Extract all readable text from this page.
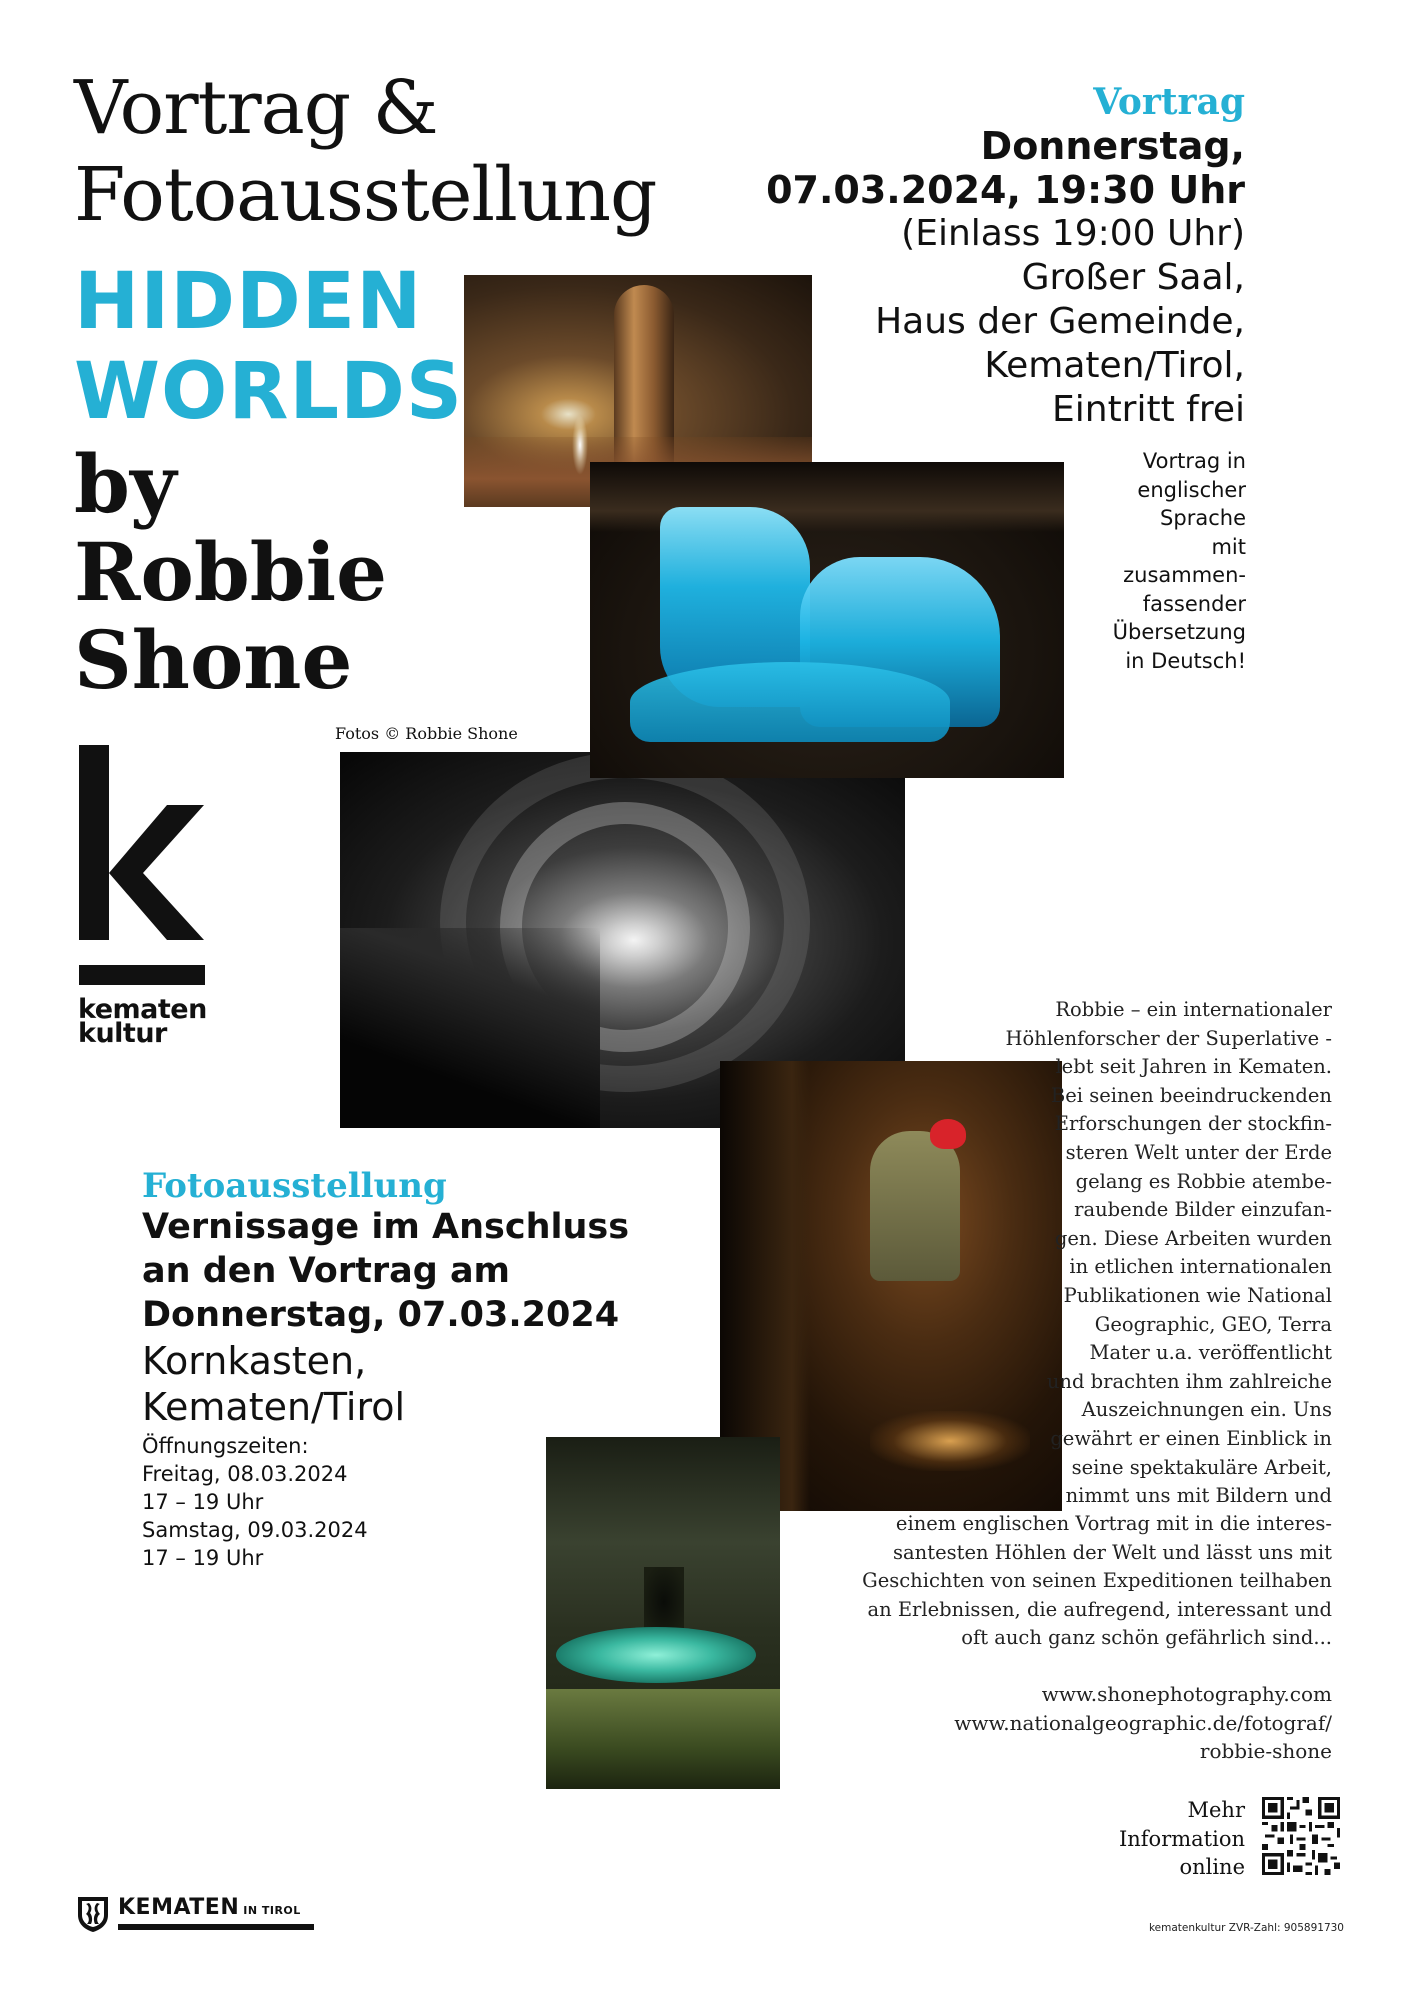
Vortrag &
Fotoausstellung
HIDDEN
WORLDS
by
Robbie
Shone
Vortrag
Donnerstag,
07.03.2024, 19:30 Uhr
(Einlass 19:00 Uhr)
Großer Saal,
Haus der Gemeinde,
Kematen/Tirol,
Eintritt frei
Vortrag in
englischer
Sprache
mit
zusammen-
fassender
Übersetzung
in Deutsch!
Fotos © Robbie Shone
kematen
kultur
Fotoausstellung
Vernissage im Anschluss
an den Vortrag am
Donnerstag, 07.03.2024
Kornkasten,
Kematen/Tirol
Öffnungszeiten:
Freitag, 08.03.2024
17 – 19 Uhr
Samstag, 09.03.2024
17 – 19 Uhr
Robbie – ein internationaler
Höhlenforscher der Superlative -
lebt seit Jahren in Kematen.
Bei seinen beeindruckenden
Erforschungen der stockfin-
steren Welt unter der Erde
gelang es Robbie atembe-
raubende Bilder einzufan-
gen. Diese Arbeiten wurden
in etlichen internationalen
Publikationen wie National
Geographic, GEO, Terra
Mater u.a. veröffentlicht
und brachten ihm zahlreiche
Auszeichnungen ein. Uns
gewährt er einen Einblick in
seine spektakuläre Arbeit,
nimmt uns mit Bildern und
einem englischen Vortrag mit in die interes-
santesten Höhlen der Welt und lässt uns mit
Geschichten von seinen Expeditionen teilhaben
an Erlebnissen, die aufregend, interessant und
oft auch ganz schön gefährlich sind...
www.shonephotography.com
www.nationalgeographic.de/fotograf/
robbie-shone
Mehr
Information
online
KEMATEN IN TIROL
kematenkultur ZVR-Zahl: 905891730
